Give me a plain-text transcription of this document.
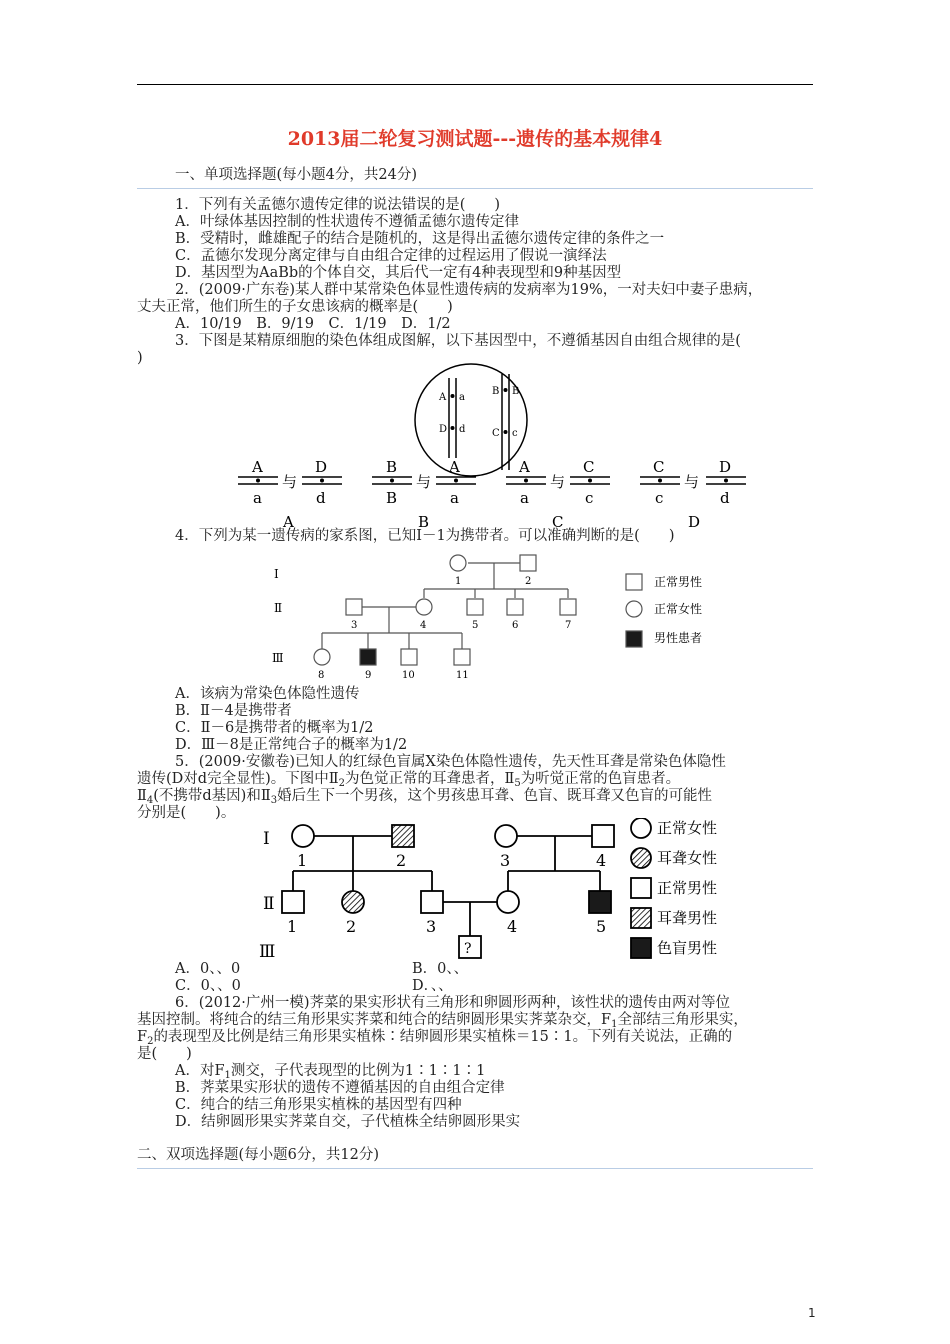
2013届二轮复习测试题---遗传的基本规律4
一、单项选择题(每小题4分，共24分)
1．下列有关孟德尔遗传定律的说法错误的是(　　)
A．叶绿体基因控制的性状遗传不遵循孟德尔遗传定律
B．受精时，雌雄配子的结合是随机的，这是得出孟德尔遗传定律的条件之一
C．孟德尔发现分离定律与自由组合定律的过程运用了假说一演绎法
D．基因型为AaBb的个体自交，其后代一定有4种表现型和9种基因型
2．(2009·广东卷)某人群中某常染色体显性遗传病的发病率为19%，一对夫妇中妻子患病，
丈夫正常，他们所生的子女患该病的概率是(　　)
A．10/19　B．9/19　C．1/19　D．1/2
3．下图是某精原细胞的染色体组成图解，以下基因型中，不遵循基因自由组合规律的是(
)
A a
D d
B B
C c
A
a
与
D
d
A
B
B
与
A
a
B
A
a
与
C
c
C
C
c
与
D
d
D
4．下列为某一遗传病的家系图，已知Ⅰ－1为携带者。可以准确判断的是(　　)
Ⅰ
Ⅱ
Ⅲ
1	2
3	4	5	6	7
8	9	10	11
正常男性
正常女性
男性患者
A．该病为常染色体隐性遗传
B．Ⅱ－4是携带者
C．Ⅱ－6是携带者的概率为1/2
D．Ⅲ－8是正常纯合子的概率为1/2
5．(2009·安徽卷)已知人的红绿色盲属X染色体隐性遗传，先天性耳聋是常染色体隐性
遗传(D对d完全显性)。下图中$Ⅱ_2$为色觉正常的耳聋患者，$Ⅱ_5$为听觉正常的色盲患者。
$Ⅱ_4$(不携带d基因)和$Ⅱ_3$婚后生下一个男孩，这个男孩患耳聋、色盲、既耳聋又色盲的可能性
分别是(　　)。
?
Ⅰ
Ⅱ
Ⅲ
1	2	3	4
1	2	3	4	5
正常女性
耳聋女性
正常男性
耳聋男性
色盲男性
A．0、、0	B．0、、
C．0、、0	D．、、
6．(2012·广州一模)荠菜的果实形状有三角形和卵圆形两种，该性状的遗传由两对等位
基因控制。将纯合的结三角形果实荠菜和纯合的结卵圆形果实荠菜杂交，$F_1$全部结三角形果实，
$F_2$的表现型及比例是结三角形果实植株∶结卵圆形果实植株＝15∶1。下列有关说法，正确的
是(　　)
A．对$F_1$测交，子代表现型的比例为1∶1∶1∶1
B．荠菜果实形状的遗传不遵循基因的自由组合定律
C．纯合的结三角形果实植株的基因型有四种
D．结卵圆形果实荠菜自交，子代植株全结卵圆形果实
二、双项选择题(每小题6分，共12分)
1
